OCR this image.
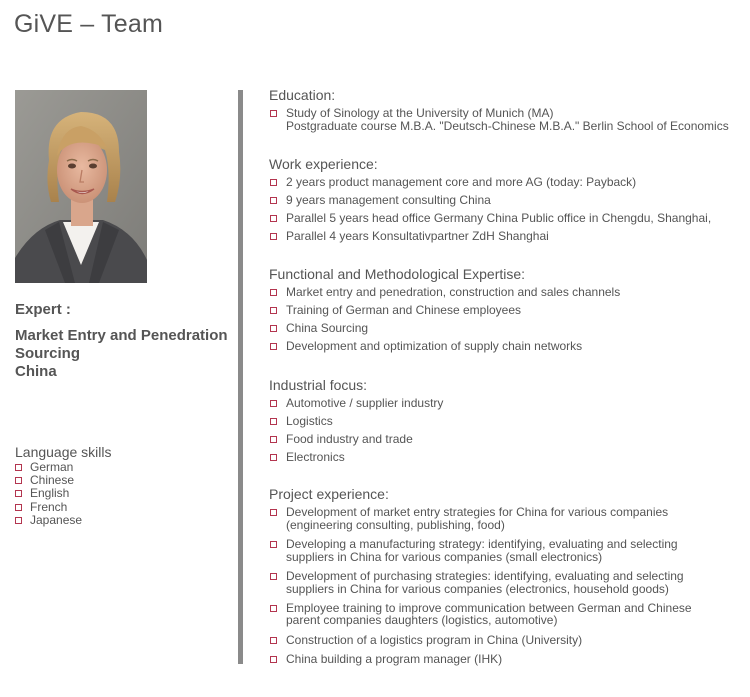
GiVE – Team
Expert :
Market Entry and Penedration
Sourcing
China
Language skills
German
Chinese
English
French
Japanese
Education:
Study of Sinology at the University of Munich (MA)
Postgraduate course M.B.A. "Deutsch-Chinese M.B.A." Berlin School of Economics
Work experience:
2 years product management core and more AG (today: Payback)
9 years management consulting China
Parallel 5 years head office Germany China Public office in Chengdu, Shanghai,
Parallel 4 years Konsultativpartner ZdH Shanghai
Functional and Methodological Expertise:
Market entry and penedration, construction and sales channels
Training of German and Chinese employees
China Sourcing
Development and optimization of supply chain networks
Industrial focus:
Automotive / supplier industry
Logistics
Food industry and trade
Electronics
Project experience:
Development of market entry strategies for China for various companies
(engineering consulting, publishing, food)
Developing a manufacturing strategy: identifying, evaluating and selecting
suppliers in China for various companies (small electronics)
Development of purchasing strategies: identifying, evaluating and selecting
suppliers in China for various companies (electronics, household goods)
Employee training to improve communication between German and Chinese
parent companies daughters (logistics, automotive)
Construction of a logistics program in China (University)
China building a program manager (IHK)
